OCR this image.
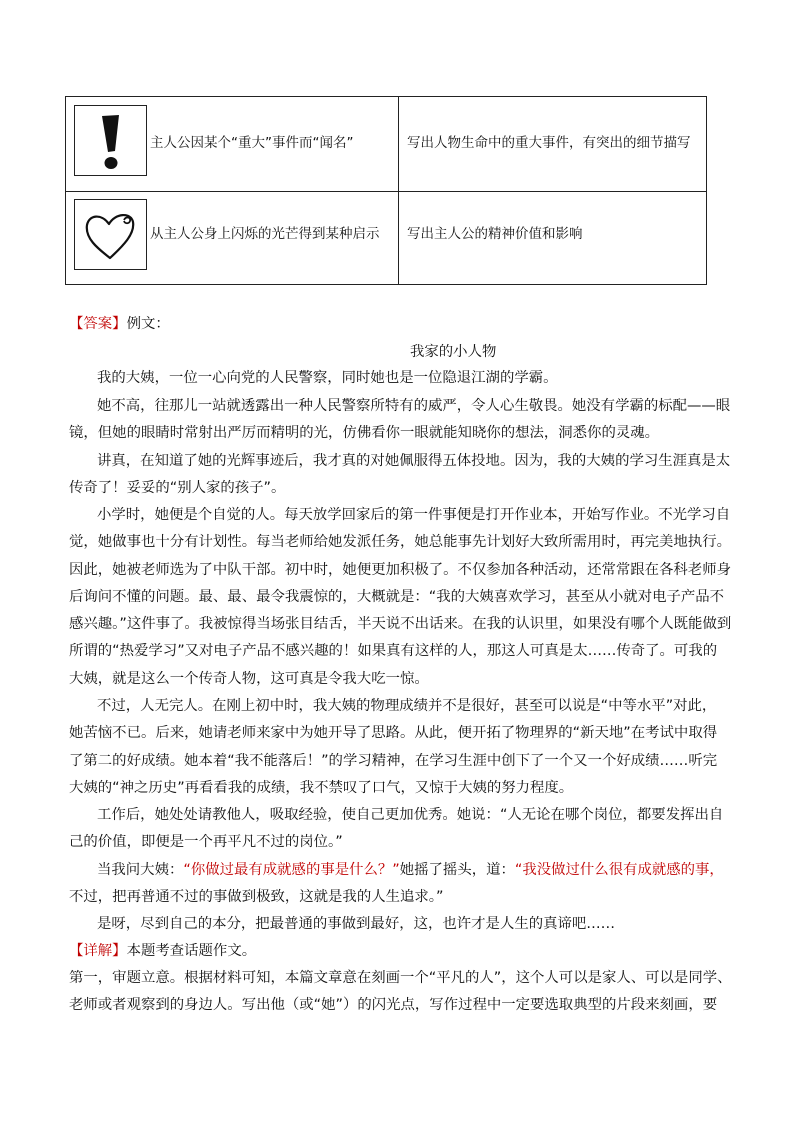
主人公因某个“重大”事件而“闻名”	写出人物生命中的重大事件，有突出的细节描写
从主人公身上闪烁的光芒得到某种启示 写出主人公的精神价值和影响
【答案】例文：
我家的小人物
我的大姨，一位一心向党的人民警察，同时她也是一位隐退江湖的学霸。
她不高，往那儿一站就透露出一种人民警察所特有的威严，令人心生敬畏。她没有学霸的标配——眼
镜，但她的眼睛时常射出严厉而精明的光，仿佛看你一眼就能知晓你的想法，洞悉你的灵魂。
讲真，在知道了她的光辉事迹后，我才真的对她佩服得五体投地。因为，我的大姨的学习生涯真是太
传奇了！妥妥的“别人家的孩子”。
小学时，她便是个自觉的人。每天放学回家后的第一件事便是打开作业本，开始写作业。不光学习自
觉，她做事也十分有计划性。每当老师给她发派任务，她总能事先计划好大致所需用时，再完美地执行。
因此，她被老师选为了中队干部。初中时，她便更加积极了。不仅参加各种活动，还常常跟在各科老师身
后询问不懂的问题。最、最、最令我震惊的，大概就是：“我的大姨喜欢学习，甚至从小就对电子产品不
感兴趣。”这件事了。我被惊得当场张目结舌，半天说不出话来。在我的认识里，如果没有哪个人既能做到
所谓的“热爱学习”又对电子产品不感兴趣的！如果真有这样的人，那这人可真是太……传奇了。可我的
大姨，就是这么一个传奇人物，这可真是令我大吃一惊。
不过，人无完人。在刚上初中时，我大姨的物理成绩并不是很好，甚至可以说是“中等水平”对此，
她苦恼不已。后来，她请老师来家中为她开导了思路。从此，便开拓了物理界的“新天地”在考试中取得
了第二的好成绩。她本着“我不能落后！”的学习精神，在学习生涯中创下了一个又一个好成绩……听完
大姨的“神之历史”再看看我的成绩，我不禁叹了口气，又惊于大姨的努力程度。
工作后，她处处请教他人，吸取经验，使自己更加优秀。她说：“人无论在哪个岗位，都要发挥出自
己的价值，即便是一个再平凡不过的岗位。”
当我问大姨：“你做过最有成就感的事是什么？”她摇了摇头，道：“我没做过什么很有成就感的事，
不过，把再普通不过的事做到极致，这就是我的人生追求。”
是呀，尽到自己的本分，把最普通的事做到最好，这，也许才是人生的真谛吧……
【详解】本题考查话题作文。
第一，审题立意。根据材料可知，本篇文章意在刻画一个“平凡的人”，这个人可以是家人、可以是同学、
老师或者观察到的身边人。写出他（或“她”）的闪光点，写作过程中一定要选取典型的片段来刻画，要
